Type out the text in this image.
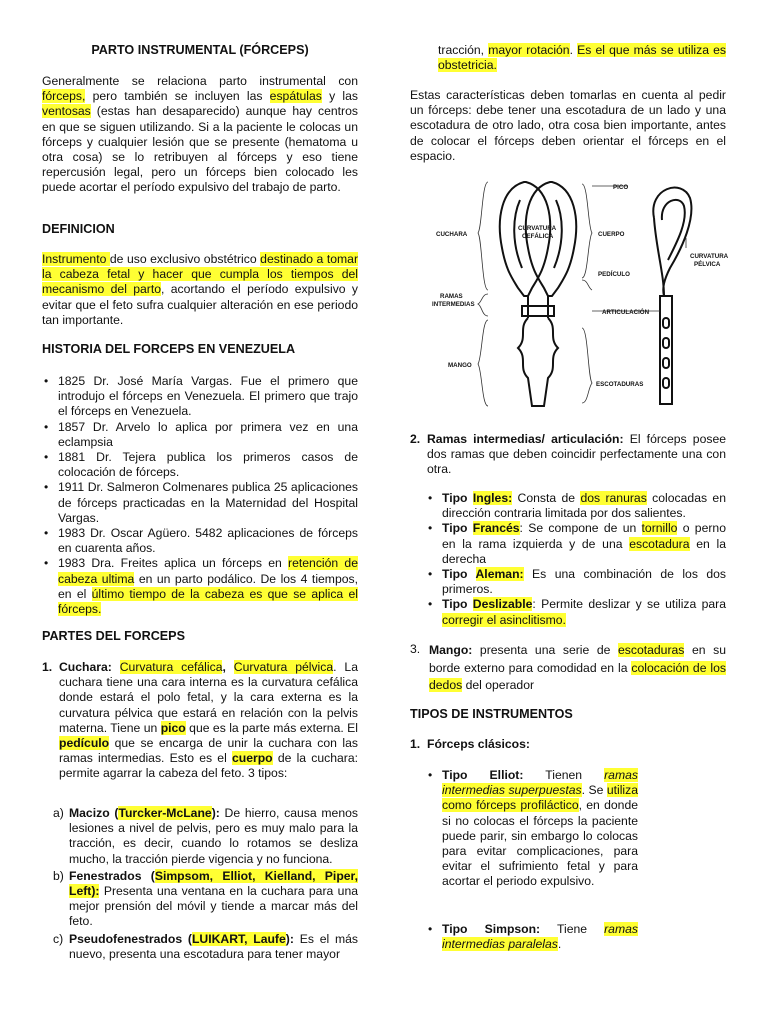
PARTO INSTRUMENTAL (FÓRCEPS)

Generalmente se relaciona parto instrumental con fórceps, pero también se incluyen las espátulas y las ventosas (estas han desaparecido) aunque hay centros en que se siguen utilizando. Si a la paciente le colocas un fórceps y cualquier lesión que se presente (hematoma u otra cosa) se lo retribuyen al fórceps y eso tiene repercusión legal, pero un fórceps bien colocado les puede acortar el período expulsivo del trabajo de parto.

DEFINICION

Instrumento de uso exclusivo obstétrico destinado a tomar la cabeza fetal y hacer que cumpla los tiempos del mecanismo del parto, acortando el período expulsivo y evitar que el feto sufra cualquier alteración en ese periodo tan importante.

HISTORIA DEL FORCEPS EN VENEZUELA
• 1825 Dr. José María Vargas. Fue el primero que introdujo el fórceps en Venezuela. El primero que trajo el fórceps en Venezuela.
• 1857 Dr. Arvelo lo aplica por primera vez en una eclampsia
• 1881 Dr. Tejera publica los primeros casos de colocación de fórceps.
• 1911 Dr. Salmeron Colmenares publica 25 aplicaciones de fórceps practicadas en la Maternidad del Hospital Vargas.
• 1983 Dr. Oscar Agüero. 5482 aplicaciones de fórceps en cuarenta años.
• 1983 Dra. Freites aplica un fórceps en retención de cabeza ultima en un parto podálico. De los 4 tiempos, en el último tiempo de la cabeza es que se aplica el fórceps.
PARTES DEL FORCEPS
1. Cuchara: Curvatura cefálica, Curvatura pélvica. La cuchara tiene una cara interna es la curvatura cefálica donde estará el polo fetal, y la cara externa es la curvatura pélvica que estará en relación con la pelvis materna. Tiene un pico que es la parte más externa. El pedículo que se encarga de unir la cuchara con las ramas intermedias. Esto es el cuerpo de la cuchara: permite agarrar la cabeza del feto. 3 tipos:

a) Macizo (Turcker-McLane): De hierro, causa menos lesiones a nivel de pelvis, pero es muy malo para la tracción, es decir, cuando lo rotamos se desliza mucho, la tracción pierde vigencia y no funciona.

b) Fenestrados (Simpsom, Elliot, Kielland, Piper, Left): Presenta una ventana en la cuchara para una mejor prensión del móvil y tiende a marcar más del feto.

c) Pseudofenestrados (LUIKART, Laufe): Es el más nuevo, presenta una escotadura para tener mayor

tracción, mayor rotación. Es el que más se utiliza es obstetricia.

Estas características deben tomarlas en cuenta al pedir un fórceps: debe tener una escotadura de un lado y una escotadura de otro lado, otra cosa bien importante, antes de colocar el fórceps deben orientar el fórceps en el espacio.

PICO
CUCHARA
CURVATURA
CEFÁLICA	CUERPO
CURVATURA
PÉLVICA
PEDÍCULO
RAMAS
INTERMEDIAS
ARTICULACIÓN
MANGO
ESCOTADURAS
2. Ramas intermedias/ articulación: El fórceps posee dos ramas que deben coincidir perfectamente una con otra.

• Tipo Ingles: Consta de dos ranuras colocadas en dirección contraria limitada por dos salientes.
• Tipo Francés: Se compone de un tornillo o perno en la rama izquierda y de una escotadura en la derecha
• Tipo Aleman: Es una combinación de los dos primeros.
• Tipo Deslizable: Permite deslizar y se utiliza para corregir el asinclitismo.
3. Mango: presenta una serie de escotaduras en su borde externo para comodidad en la colocación de los dedos del operador

TIPOS DE INSTRUMENTOS
1. Fórceps clásicos:

• Tipo Elliot: Tienen ramas intermedias superpuestas. Se utiliza como fórceps profiláctico, en donde si no colocas el fórceps la paciente puede parir, sin embargo lo colocas para evitar complicaciones, para evitar el sufrimiento fetal y para acortar el periodo expulsivo.
• Tipo Simpson: Tiene ramas intermedias paralelas.
